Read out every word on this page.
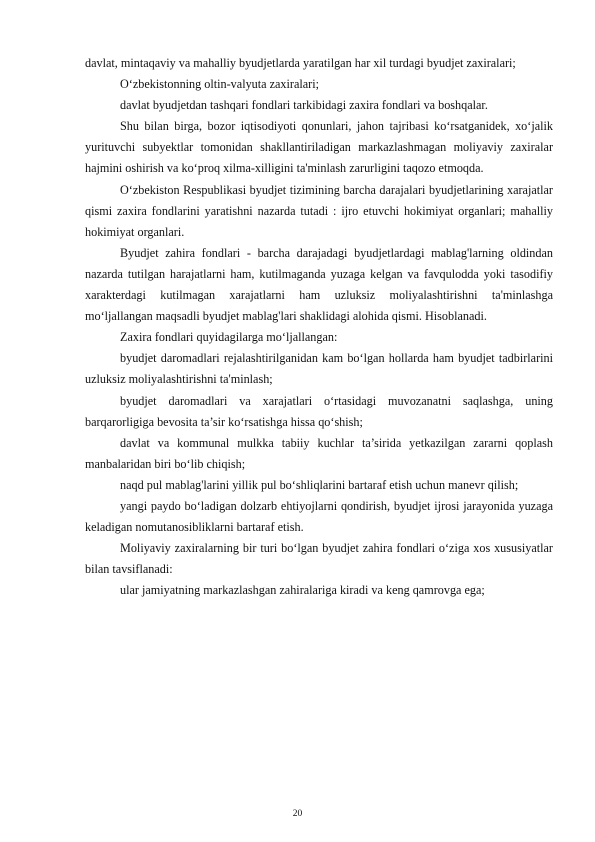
davlat, mintaqaviy va mahalliy byudjetlarda yaratilgan har xil turdagi byudjet zaxiralari;

O‘zbekistonning oltin-valyuta zaxiralari;

davlat byudjetdan tashqari fondlari tarkibidagi zaxira fondlari va boshqalar.

Shu bilan birga, bozor iqtisodiyoti qonunlari, jahon tajribasi ko‘rsatganidek, xo‘jalik yurituvchi subyektlar tomonidan shakllantiriladigan markazlashmagan moliyaviy zaxiralar hajmini oshirish va ko‘proq xilma-xilligini ta'minlash zarurligini taqozo etmoqda.

O‘zbekiston Respublikasi byudjet tizimining barcha darajalari byudjetlarining xarajatlar qismi zaxira fondlarini yaratishni nazarda tutadi : ijro etuvchi hokimiyat organlari; mahalliy hokimiyat organlari.

Byudjet zahira fondlari - barcha darajadagi byudjetlardagi mablag'larning oldindan nazarda tutilgan harajatlarni ham, kutilmaganda yuzaga kelgan va favqulodda yoki tasodifiy xarakterdagi kutilmagan xarajatlarni ham uzluksiz moliyalashtirishni ta'minlashga mo‘ljallangan maqsadli byudjet mablag'lari shaklidagi alohida qismi. Hisoblanadi.

Zaxira fondlari quyidagilarga mo‘ljallangan:

byudjet daromadlari rejalashtirilganidan kam bo‘lgan hollarda ham byudjet tadbirlarini uzluksiz moliyalashtirishni ta'minlash;

byudjet daromadlari va xarajatlari o‘rtasidagi muvozanatni saqlashga, uning barqarorligiga bevosita ta’sir ko‘rsatishga hissa qo‘shish;

davlat va kommunal mulkka tabiiy kuchlar ta’sirida yetkazilgan zararni qoplash manbalaridan biri bo‘lib chiqish;

naqd pul mablag'larini yillik pul bo‘shliqlarini bartaraf etish uchun manevr qilish;

yangi paydo bo‘ladigan dolzarb ehtiyojlarni qondirish, byudjet ijrosi jarayonida yuzaga keladigan nomutanosibliklarni bartaraf etish.

Moliyaviy zaxiralarning bir turi bo‘lgan byudjet zahira fondlari o‘ziga xos xususiyatlar bilan tavsiflanadi:

ular jamiyatning markazlashgan zahiralariga kiradi va keng qamrovga ega;

20
